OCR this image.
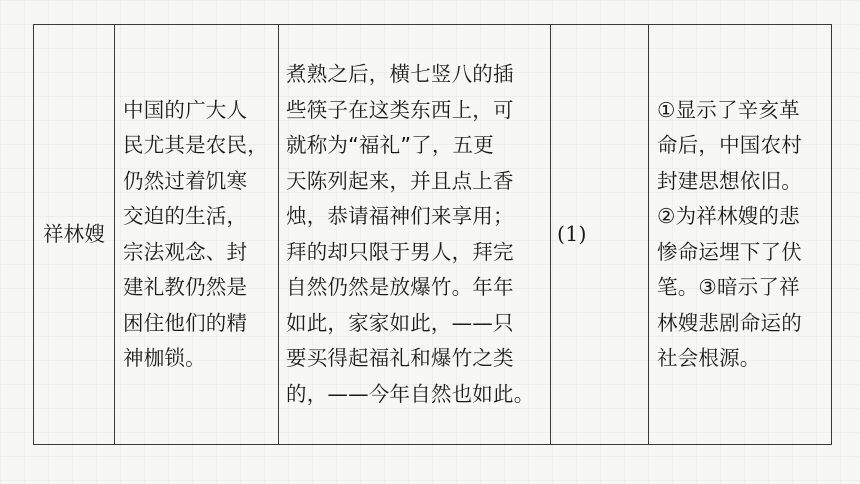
祥林嫂

中国的广大人
民尤其是农民，
仍然过着饥寒
交迫的生活，
宗法观念、封
建礼教仍然是
困住他们的精
神枷锁。

煮熟之后，横七竖八的插
些筷子在这类东西上，可
就称为“福礼”了，五更
天陈列起来，并且点上香
烛，恭请福神们来享用；
拜的却只限于男人，拜完
自然仍然是放爆竹。年年
如此，家家如此，——只
要买得起福礼和爆竹之类
的，——今年自然也如此。

(1)

①显示了辛亥革
命后，中国农村
封建思想依旧。
②为祥林嫂的悲
惨命运埋下了伏
笔。③暗示了祥
林嫂悲剧命运的
社会根源。
